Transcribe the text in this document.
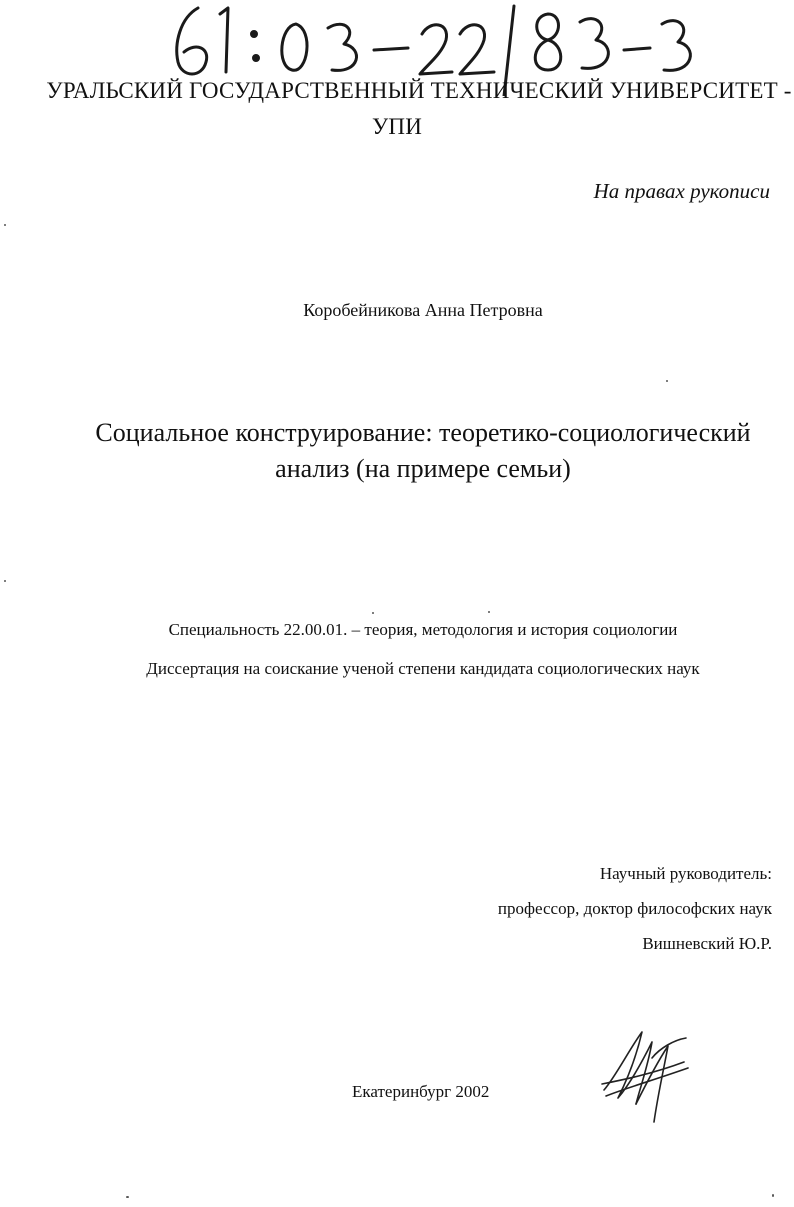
УРАЛЬСКИЙ ГОСУДАРСТВЕННЫЙ ТЕХНИЧЕСКИЙ УНИВЕРСИТЕТ -
УПИ
На правах рукописи
Коробейникова Анна Петровна
Социальное конструирование: теоретико-социологический
анализ (на примере семьи)
Специальность 22.00.01. – теория, методология и история социологии
Диссертация на соискание ученой степени кандидата социологических наук
Научный руководитель:
профессор, доктор философских наук
Вишневский Ю.Р.
Екатеринбург 2002
